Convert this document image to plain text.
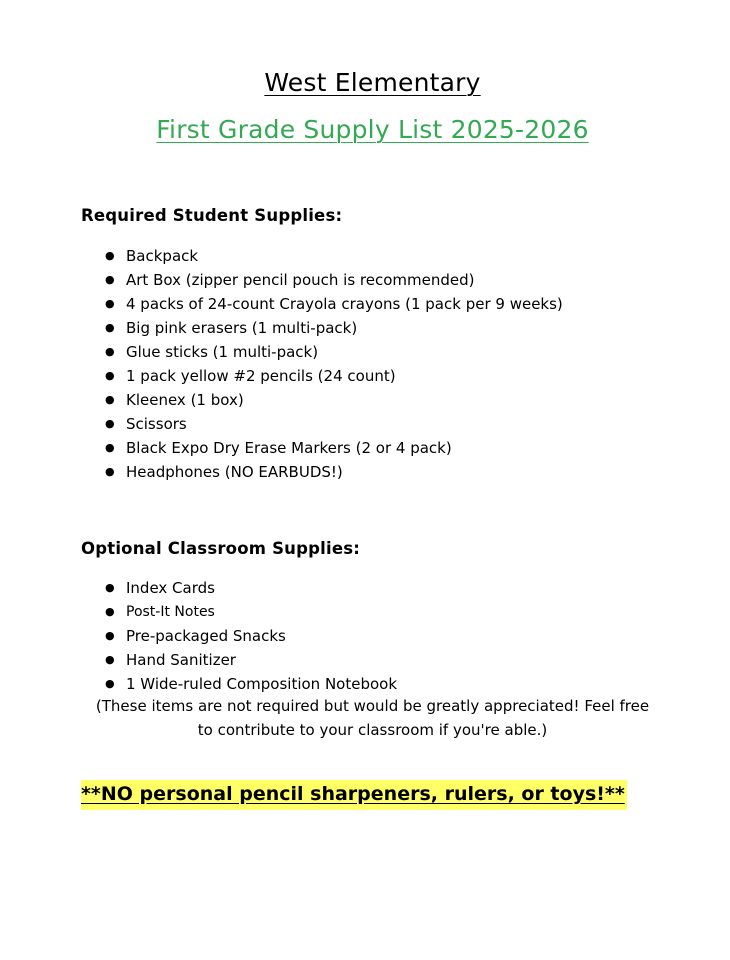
West Elementary
First Grade Supply List 2025-2026
Required Student Supplies:
● Backpack
● Art Box (zipper pencil pouch is recommended)
● 4 packs of 24-count Crayola crayons (1 pack per 9 weeks)
● Big pink erasers (1 multi-pack)
● Glue sticks (1 multi-pack)
● 1 pack yellow #2 pencils (24 count)
● Kleenex (1 box)
● Scissors
● Black Expo Dry Erase Markers (2 or 4 pack)
● Headphones (NO EARBUDS!)
Optional Classroom Supplies:
● Index Cards
● Post-It Notes
● Pre-packaged Snacks
● Hand Sanitizer
● 1 Wide-ruled Composition Notebook
(These items are not required but would be greatly appreciated! Feel free to contribute to your classroom if you're able.)
**NO personal pencil sharpeners, rulers, or toys!**
